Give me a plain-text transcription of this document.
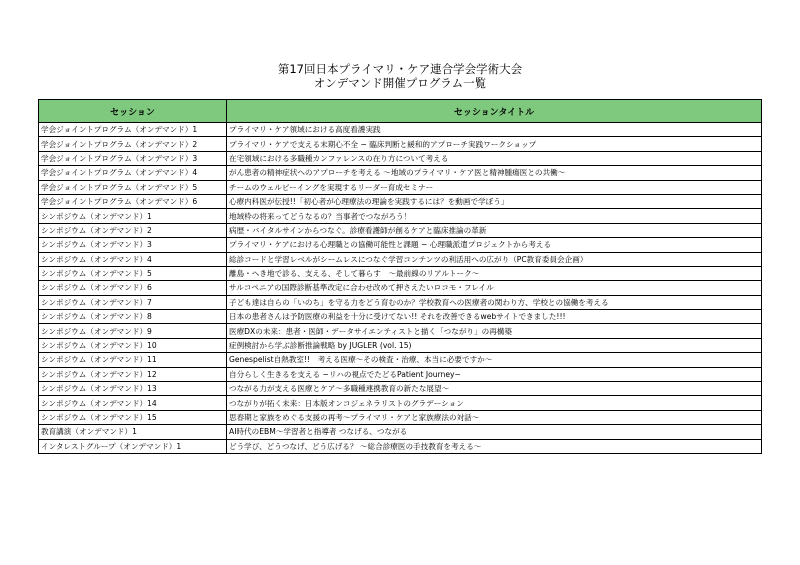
第17回日本プライマリ・ケア連合学会学術大会
オンデマンド開催プログラム一覧
セッション	セッションタイトル
学会ジョイントプログラム（オンデマンド）1	プライマリ・ケア領域における高度看護実践
学会ジョイントプログラム（オンデマンド）2	プライマリ・ケアで支える末期心不全 − 臨床判断と緩和的アプローチ実践ワークショップ
学会ジョイントプログラム（オンデマンド）3	在宅領域における多職種カンファレンスの在り方について考える
学会ジョイントプログラム（オンデマンド）4	がん患者の精神症状へのアプローチを考える 〜地域のプライマリ・ケア医と精神腫瘍医との共働〜
学会ジョイントプログラム（オンデマンド）5	チームのウェルビーイングを実現するリーダー育成セミナー
学会ジョイントプログラム（オンデマンド）6	心療内科医が伝授!!「初心者が心理療法の理論を実践するには？を動画で学ぼう」
シンポジウム（オンデマンド）1	地域枠の将来ってどうなるの？当事者でつながろう！
シンポジウム（オンデマンド）2	病歴・バイタルサインからつなぐ。診療看護師が創るケアと臨床推論の革新
シンポジウム（オンデマンド）3	プライマリ・ケアにおける心理職との協働可能性と課題 − 心理職派遣プロジェクトから考える
シンポジウム（オンデマンド）4	総診コードと学習レベルがシームレスにつなぐ学習コンテンツの利活用への広がり（PC教育委員会企画）
シンポジウム（オンデマンド）5	離島・へき地で診る、支える、そして暮らす　〜最前線のリアルトーク〜
シンポジウム（オンデマンド）6	サルコペニアの国際診断基準改定に合わせ改めて押さえたいロコモ・フレイル
シンポジウム（オンデマンド）7	子ども達は自らの「いのち」を守る力をどう育むのか？学校教育への医療者の関わり方、学校との協働を考える
シンポジウム（オンデマンド）8	日本の患者さんは予防医療の利益を十分に受けてない!! それを改善できるwebサイトできました!!!
シンポジウム（オンデマンド）9	医療DXの未来：患者・医師・データサイエンティストと描く「つながり」の再構築
シンポジウム（オンデマンド）10	症例検討から学ぶ診断推論戦略 by JUGLER (vol. 15)
シンポジウム（オンデマンド）11	Genespelist自熱教室!!　考える医療〜その検査・治療、本当に必要ですか〜
シンポジウム（オンデマンド）12	自分らしく生きるを支える −リハの視点でたどるPatient Journey−
シンポジウム（オンデマンド）13	つながる力が支える医療とケア〜多職種連携教育の新たな展望〜
シンポジウム（オンデマンド）14	つながりが拓く未来：日本版オンコジェネラリストのグラデーション
シンポジウム（オンデマンド）15	思春期と家族をめぐる支援の再考〜プライマリ・ケアと家族療法の対話〜
教育講演（オンデマンド）1	AI時代のEBM〜学習者と指導者 つなげる、つながる
インタレストグループ（オンデマンド）1	どう学び、どうつなげ、どう広げる？ 〜総合診療医の手技教育を考える〜
